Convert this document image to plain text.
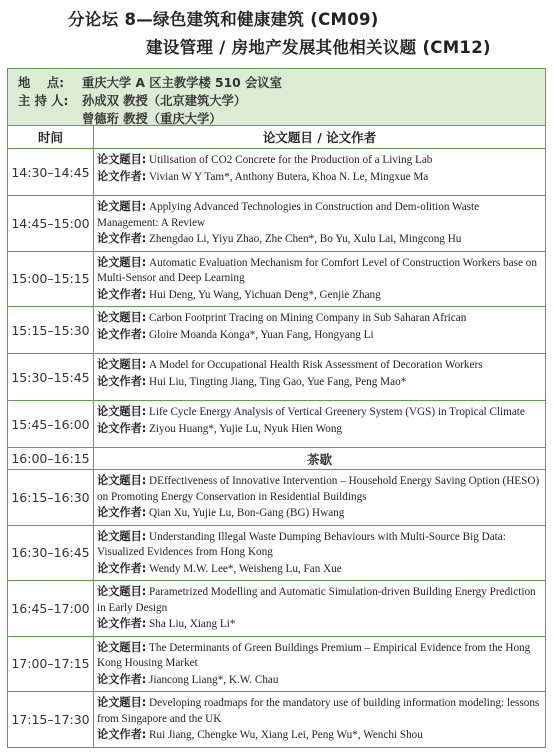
分论坛 8—绿色建筑和健康建筑 (CM09)
建设管理 / 房地产发展其他相关议题 (CM12)
地　 点: 重庆大学 A 区主教学楼 510 会议室
主 持 人: 孙成双 教授（北京建筑大学）
曾德珩 教授（重庆大学）
时间	论文题目 / 论文作者
14:30–14:45	论文题目: Utilisation of CO2 Concrete for the Production of a Living Lab
论文作者: Vivian W Y Tam*, Anthony Butera, Khoa N. Le, Mingxue Ma

14:45–15:00	论文题目: Applying Advanced Technologies in Construction and Dem-olition Waste Management: A Review
论文作者: Zhengdao Li, Yiyu Zhao, Zhe Chen*, Bo Yu, Xulu Lai, Mingcong Hu

15:00–15:15	论文题目: Automatic Evaluation Mechanism for Comfort Level of Construction Workers base on Multi-Sensor and Deep Learning
论文作者: Hui Deng, Yu Wang, Yichuan Deng*, Genjie Zhang

15:15–15:30	论文题目: Carbon Footprint Tracing on Mining Company in Sub Saharan African
论文作者: Gloire Moanda Konga*, Yuan Fang, Hongyang Li

15:30–15:45	论文题目: A Model for Occupational Health Risk Assessment of Decoration Workers
论文作者: Hui Liu, Tingting Jiang, Ting Gao, Yue Fang, Peng Mao*

15:45–16:00	论文题目: Life Cycle Energy Analysis of Vertical Greenery System (VGS) in Tropical Climate
论文作者: Ziyou Huang*, Yujie Lu, Nyuk Hien Wong

16:00–16:15	茶歇
16:15–16:30	论文题目: DEffectiveness of Innovative Intervention – Household Energy Saving Option (HESO) on Promoting Energy Conservation in Residential Buildings
论文作者: Qian Xu, Yujie Lu, Bon-Gang (BG) Hwang

16:30–16:45	论文题目: Understanding Illegal Waste Dumping Behaviours with Multi-Source Big Data: Visualized Evidences from Hong Kong
论文作者: Wendy M.W. Lee*, Weisheng Lu, Fan Xue

16:45–17:00	论文题目: Parametrized Modelling and Automatic Simulation-driven Building Energy Prediction in Early Design
论文作者: Sha Liu, Xiang Li*

17:00–17:15	论文题目: The Determinants of Green Buildings Premium – Empirical Evidence from the Hong Kong Housing Market
论文作者: Jiancong Liang*, K.W. Chau

17:15–17:30	论文题目: Developing roadmaps for the mandatory use of building information modeling: lessons from Singapore and the UK
论文作者: Rui Jiang, Chengke Wu, Xiang Lei, Peng Wu*, Wenchi Shou
